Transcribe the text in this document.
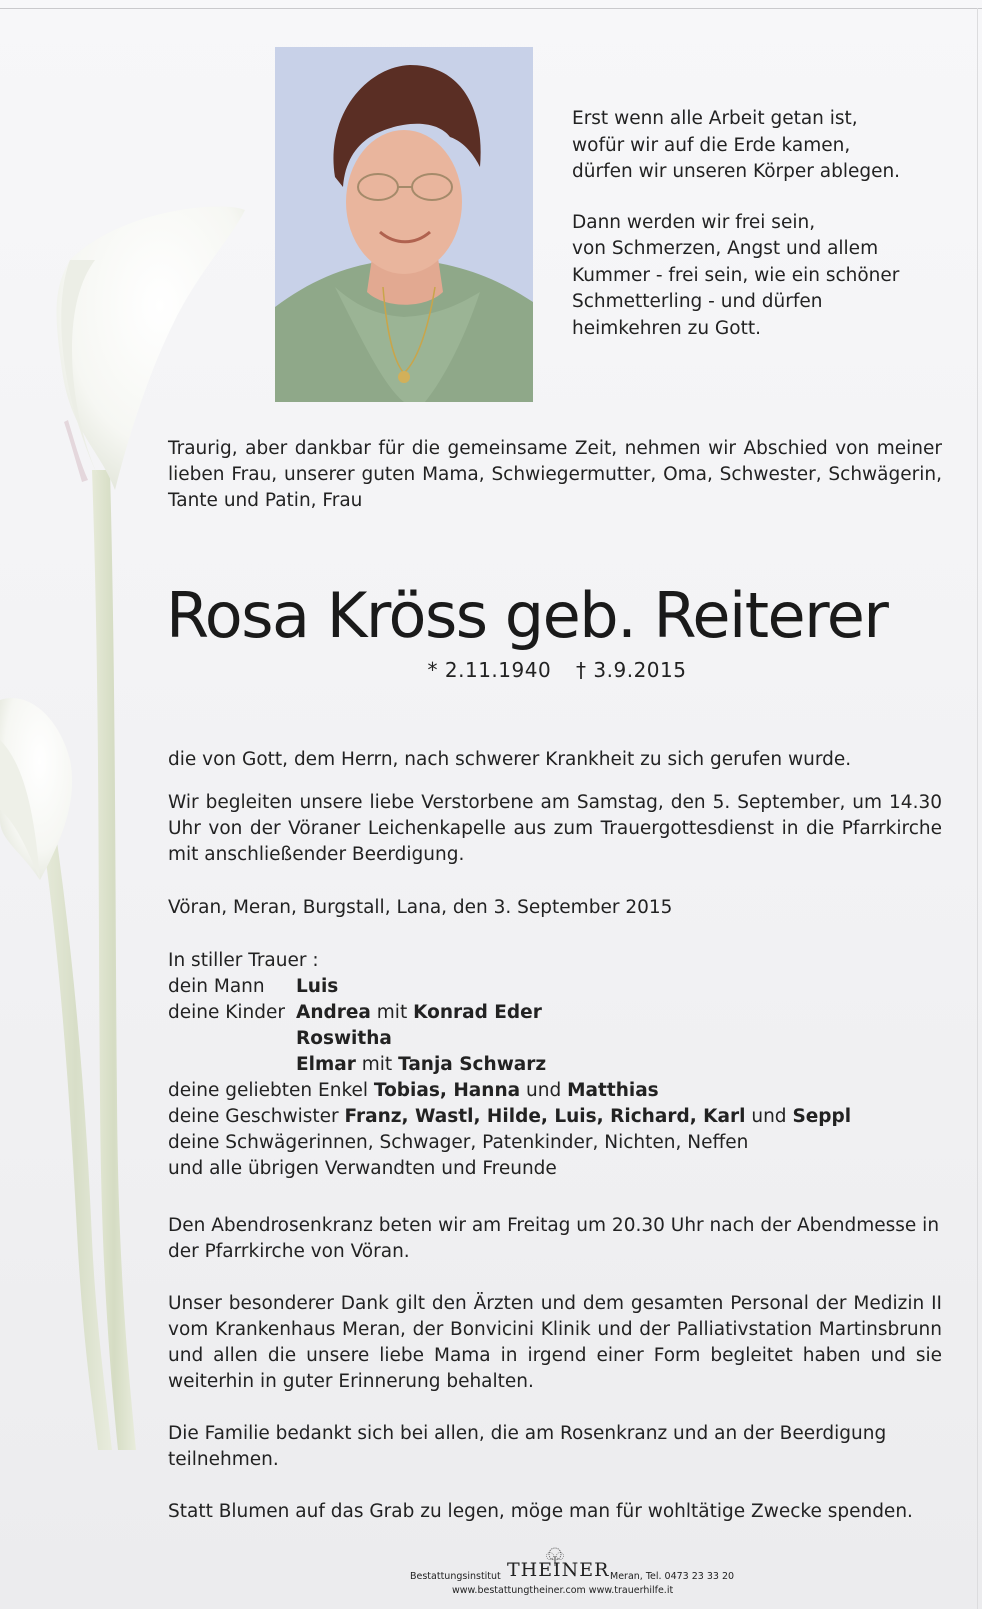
Erst wenn alle Arbeit getan ist,
wofür wir auf die Erde kamen,
dürfen wir unseren Körper ablegen.

Dann werden wir frei sein,
von Schmerzen, Angst und allem
Kummer - frei sein, wie ein schöner
Schmetterling - und dürfen
heimkehren zu Gott.

Traurig, aber dankbar für die gemeinsame Zeit, nehmen wir Abschied von meiner lieben Frau, unserer guten Mama, Schwiegermutter, Oma, Schwester, Schwägerin, Tante und Patin, Frau
Rosa Kröss geb. Reiterer
* 2.11.1940 † 3.9.2015
die von Gott, dem Herrn, nach schwerer Krankheit zu sich gerufen wurde.
Wir begleiten unsere liebe Verstorbene am Samstag, den 5. September, um 14.30 Uhr von der Vöraner Leichenkapelle aus zum Trauergottesdienst in die Pfarrkirche mit anschließender Beerdigung.
Vöran, Meran, Burgstall, Lana, den 3. September 2015
In stiller Trauer :
dein Mann	Luis
deine Kinder Andrea
mit
Konrad Eder
Roswitha
Elmar
mit
Tanja Schwarz
deine geliebten Enkel
Tobias, Hanna
und
Matthias
deine Geschwister
Franz, Wastl, Hilde, Luis, Richard, Karl
und
Seppl
deine Schwägerinnen, Schwager, Patenkinder, Nichten, Neffen
und alle übrigen Verwandten und Freunde
Den Abendrosenkranz beten wir am Freitag um 20.30 Uhr nach der Abendmesse in der Pfarrkirche von Vöran.
Unser besonderer Dank gilt den Ärzten und dem gesamten Personal der Medizin II vom Krankenhaus Meran, der Bonvicini Klinik und der Palliativstation Martinsbrunn und allen die unsere liebe Mama in irgend einer Form begleitet haben und sie weiterhin in guter Erinnerung behalten.
Die Familie bedankt sich bei allen, die am Rosenkranz und an der Beerdigung teilnehmen.
Statt Blumen auf das Grab zu legen, möge man für wohltätige Zwecke spenden.
Bestattungsinstitut THEINER Meran, Tel. 0473 23 33 20
www.bestattungtheiner.com www.trauerhilfe.it
